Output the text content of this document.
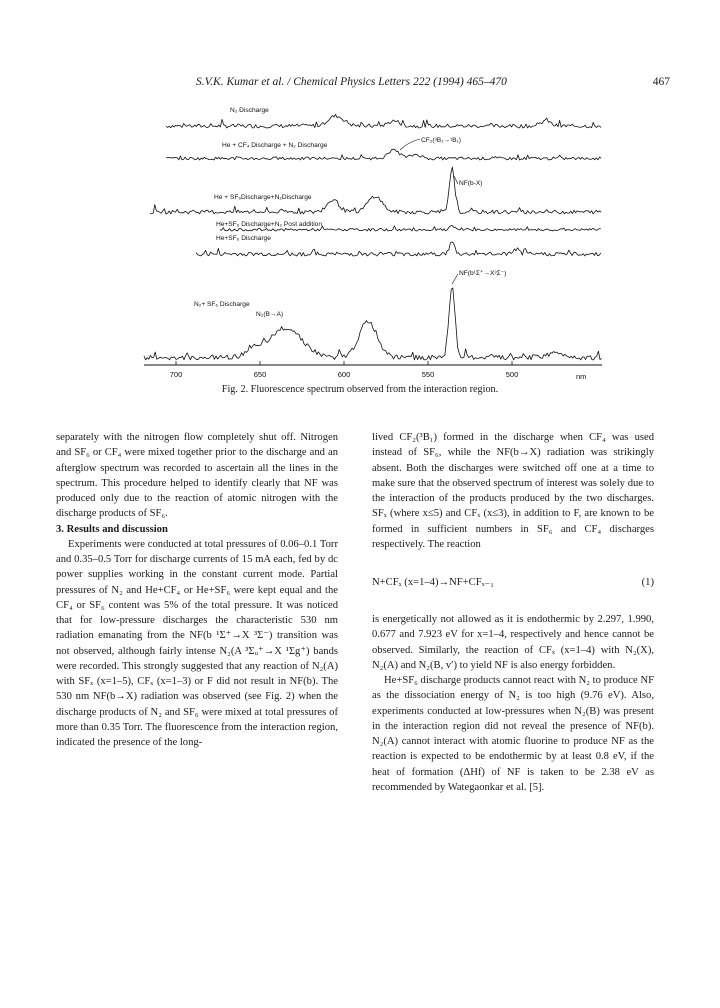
S.V.K. Kumar et al. / Chemical Physics Letters 222 (1994) 465–470	467
N₂ Discharge
He + CF₄ Discharge + N₂ Discharge
He + SF₆Discharge+N₂Discharge
He+SF₆ Discharge+N₂ Post addition
He+SF₆ Discharge
N₂+ SF₆ Discharge
CF₂(³B₁→¹B₁)
NF(b-X)
NF(b¹Σ⁺→X³Σ⁻)
N₂(B→A)
700	650	600	550	500	nm
Fig. 2. Fluorescence spectrum observed from the interaction region.

separately with the nitrogen flow completely shut off. Nitrogen and SF₆ or CF₄ were mixed together prior to the discharge and an afterglow spectrum was recorded to ascertain all the lines in the spectrum. This procedure helped to identify clearly that NF was produced only due to the reaction of atomic nitrogen with the discharge products of SF₆.

3. Results and discussion

Experiments were conducted at total pressures of 0.06–0.1 Torr and 0.35–0.5 Torr for discharge currents of 15 mA each, fed by dc power supplies working in the constant current mode. Partial pressures of N₂ and He+CF₄ or He+SF₆ were kept equal and the CF₄ or SF₆ content was 5% of the total pressure. It was noticed that for low-pressure discharges the characteristic 530 nm radiation emanating from the NF(b ¹Σ⁺→X ³Σ⁻) transition was not observed, although fairly intense N₂(A ³Σᵤ⁺→X ¹Σg⁺) bands were recorded. This strongly suggested that any reaction of N₂(A) with SFₓ (x=1–5), CFₓ (x=1–3) or F did not result in NF(b). The 530 nm NF(b→X) radiation was observed (see Fig. 2) when the discharge products of N₂ and SF₆ were mixed at total pressures of more than 0.35 Torr. The fluorescence from the interaction region, indicated the presence of the long-

lived CF₂(³B₁) formed in the discharge when CF₄ was used instead of SF₆, while the NF(b→X) radiation was strikingly absent. Both the discharges were switched off one at a time to make sure that the observed spectrum of interest was solely due to the interaction of the products produced by the two discharges. SFₓ (where x≤5) and CFₓ (x≤3), in addition to F, are known to be formed in sufficient numbers in SF₆ and CF₄ discharges respectively. The reaction

N+CFₓ (x=1–4)→NF+CFₓ₋₁	(1)

is energetically not allowed as it is endothermic by 2.297, 1.990, 0.677 and 7.923 eV for x=1–4, respectively and hence cannot be observed. Similarly, the reaction of CFₓ (x=1–4) with N₂(X), N₂(A) and N₂(B, v′) to yield NF is also energy forbidden.

He+SF₆ discharge products cannot react with N₂ to produce NF as the dissociation energy of N₂ is too high (9.76 eV). Also, experiments conducted at low-pressures when N₂(B) was present in the interaction region did not reveal the presence of NF(b). N₂(A) cannot interact with atomic fluorine to produce NF as the reaction is expected to be endothermic by at least 0.8 eV, if the heat of formation (ΔHf) of NF is taken to be 2.38 eV as recommended by Wategaonkar et al. [5].
